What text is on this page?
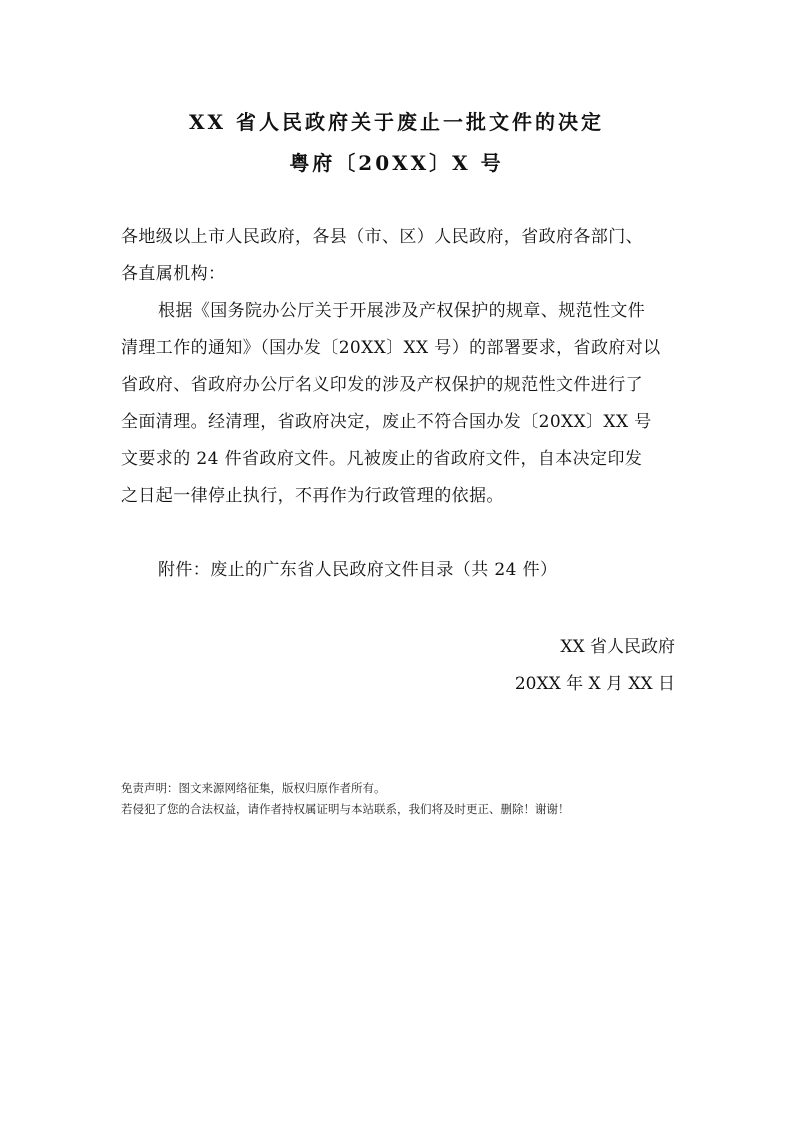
XX 省人民政府关于废止一批文件的决定
粤府〔20XX〕X 号
各地级以上市人民政府，各县（市、区）人民政府，省政府各部门、
各直属机构：
根据《国务院办公厅关于开展涉及产权保护的规章、规范性文件
清理工作的通知》（国办发〔20XX〕XX 号）的部署要求，省政府对以
省政府、省政府办公厅名义印发的涉及产权保护的规范性文件进行了
全面清理。经清理，省政府决定，废止不符合国办发〔20XX〕XX 号
文要求的 24 件省政府文件。凡被废止的省政府文件，自本决定印发
之日起一律停止执行，不再作为行政管理的依据。
附件：废止的广东省人民政府文件目录（共 24 件）
XX 省人民政府
20XX 年 X 月 XX 日
免责声明：图文来源网络征集，版权归原作者所有。
若侵犯了您的合法权益，请作者持权属证明与本站联系，我们将及时更正、删除！谢谢！
